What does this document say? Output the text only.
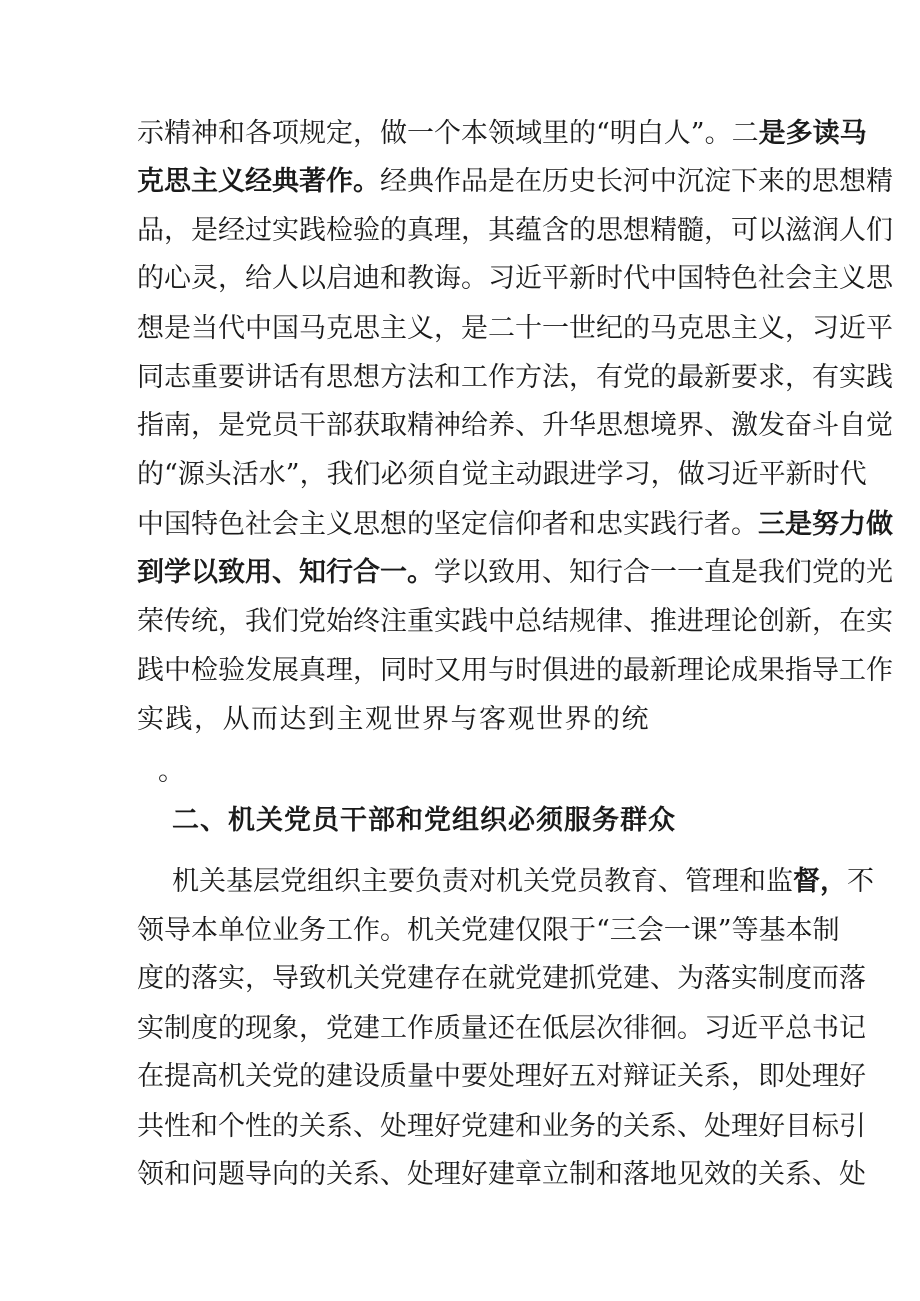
示精神和各项规定，做一个本领域里的“明白人”。二是多读马
克思主义经典著作。经典作品是在历史长河中沉淀下来的思想精
品，是经过实践检验的真理，其蕴含的思想精髓，可以滋润人们
的心灵，给人以启迪和教诲。习近平新时代中国特色社会主义思
想是当代中国马克思主义，是二十一世纪的马克思主义，习近平
同志重要讲话有思想方法和工作方法，有党的最新要求，有实践
指南，是党员干部获取精神给养、升华思想境界、激发奋斗自觉
的“源头活水”，我们必须自觉主动跟进学习，做习近平新时代
中国特色社会主义思想的坚定信仰者和忠实践行者。三是努力做
到学以致用、知行合一。学以致用、知行合一一直是我们党的光
荣传统，我们党始终注重实践中总结规律、推进理论创新，在实
践中检验发展真理，同时又用与时俱进的最新理论成果指导工作
实践，从而达到主观世界与客观世界的统
。
二、机关党员干部和党组织必须服务群众
机关基层党组织主要负责对机关党员教育、管理和监督，不
领导本单位业务工作。机关党建仅限于“三会一课”等基本制
度的落实，导致机关党建存在就党建抓党建、为落实制度而落
实制度的现象，党建工作质量还在低层次徘徊。习近平总书记
在提高机关党的建设质量中要处理好五对辩证关系，即处理好
共性和个性的关系、处理好党建和业务的关系、处理好目标引
领和问题导向的关系、处理好建章立制和落地见效的关系、处
